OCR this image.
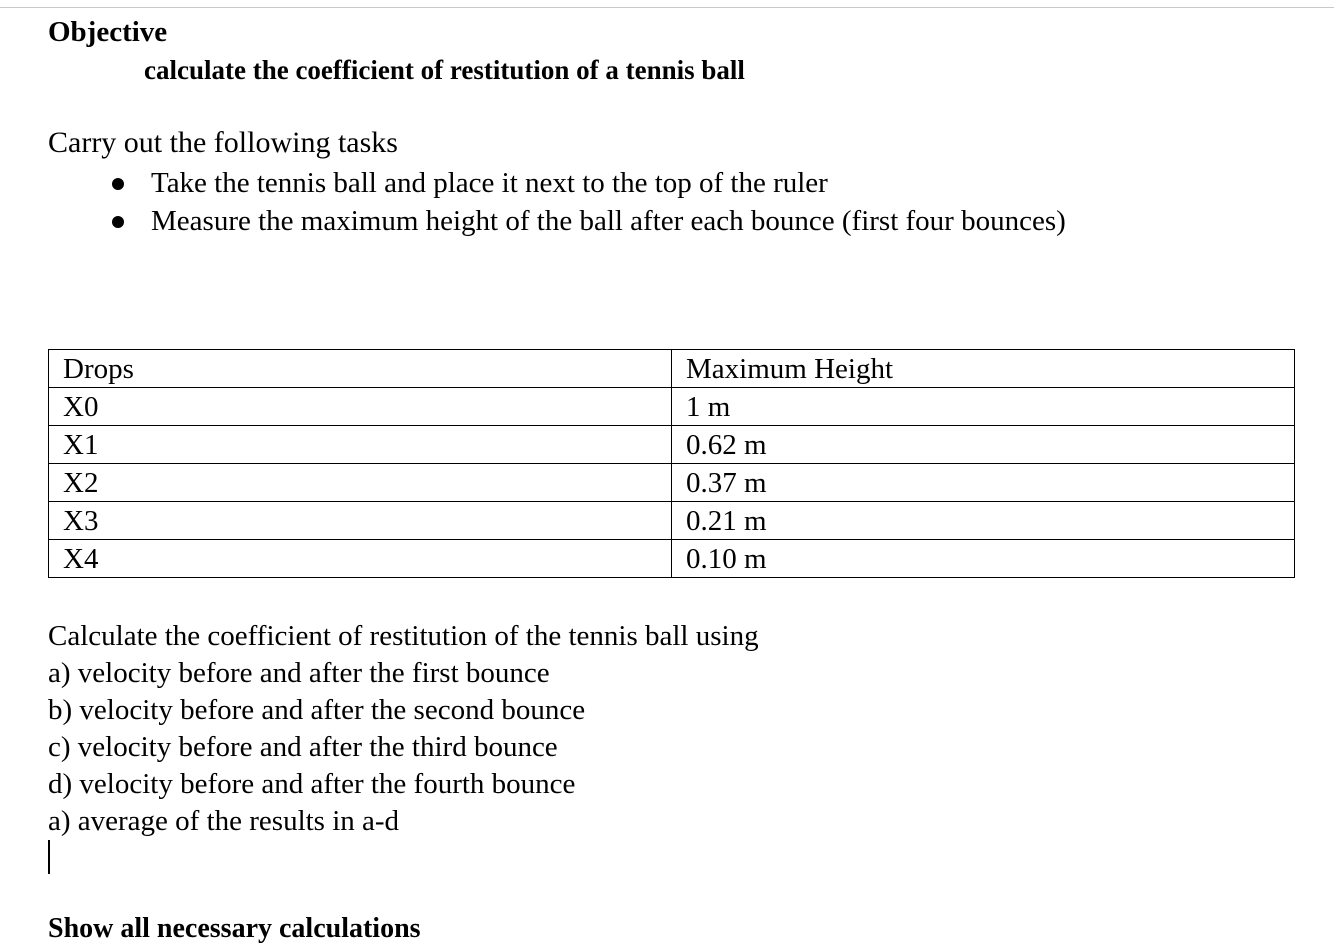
Objective
calculate the coefficient of restitution of a tennis ball
Carry out the following tasks
Take the tennis ball and place it next to the top of the ruler
Measure the maximum height of the ball after each bounce (first four bounces)
Drops	Maximum Height
X0	1 m
X1	0.62 m
X2	0.37 m
X3	0.21 m
X4	0.10 m
Calculate the coefficient of restitution of the tennis ball using
a) velocity before and after the first bounce
b) velocity before and after the second bounce
c) velocity before and after the third bounce
d) velocity before and after the fourth bounce
a) average of the results in a-d
Show all necessary calculations
